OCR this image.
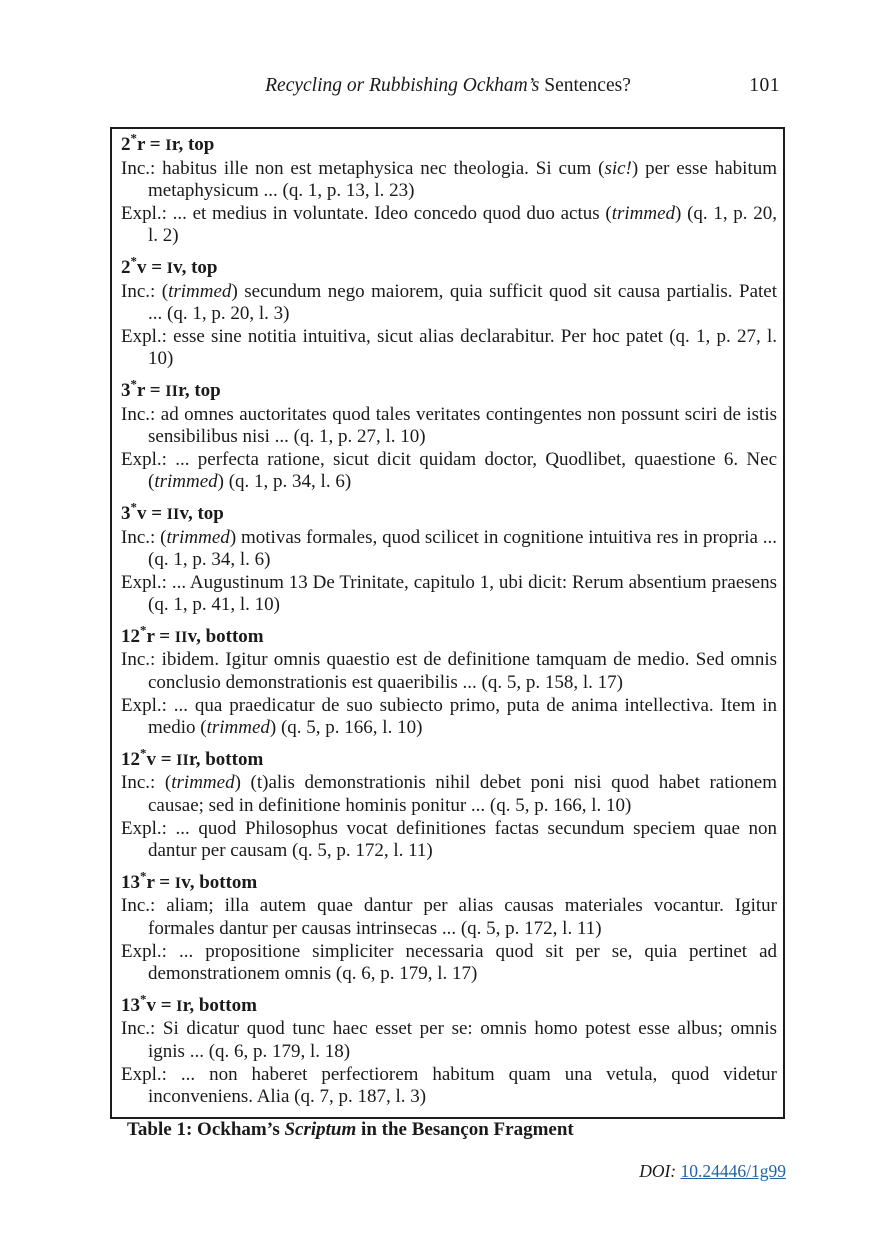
Recycling or Rubbishing Ockham’s Sentences?	101
2*r = Ir, top

Inc.: habitus ille non est metaphysica nec theologia. Si cum (sic!) per esse habitum metaphysicum ... (q. 1, p. 13, l. 23)

Expl.: ... et medius in voluntate. Ideo concedo quod duo actus (trimmed) (q. 1, p. 20, l. 2)

2*v = Iv, top

Inc.: (trimmed) secundum nego maiorem, quia sufficit quod sit causa partialis. Patet ... (q. 1, p. 20, l. 3)

Expl.: esse sine notitia intuitiva, sicut alias declarabitur. Per hoc patet (q. 1, p. 27, l. 10)

3*r = IIr, top

Inc.: ad omnes auctoritates quod tales veritates contingentes non possunt sciri de istis sensibilibus nisi ... (q. 1, p. 27, l. 10)

Expl.: ... perfecta ratione, sicut dicit quidam doctor, Quodlibet, quaestione 6. Nec (trimmed) (q. 1, p. 34, l. 6)

3*v = IIv, top

Inc.: (trimmed) motivas formales, quod scilicet in cognitione intuitiva res in propria ... (q. 1, p. 34, l. 6)

Expl.: ... Augustinum 13 De Trinitate, capitulo 1, ubi dicit: Rerum absentium praesens (q. 1, p. 41, l. 10)

12*r = IIv, bottom

Inc.: ibidem. Igitur omnis quaestio est de definitione tamquam de medio. Sed omnis conclusio demonstrationis est quaeribilis ... (q. 5, p. 158, l. 17)

Expl.: ... qua praedicatur de suo subiecto primo, puta de anima intellectiva. Item in medio (trimmed) (q. 5, p. 166, l. 10)

12*v = IIr, bottom

Inc.: (trimmed) (t)alis demonstrationis nihil debet poni nisi quod habet rationem causae; sed in definitione hominis ponitur ... (q. 5, p. 166, l. 10)

Expl.: ... quod Philosophus vocat definitiones factas secundum speciem quae non dantur per causam (q. 5, p. 172, l. 11)

13*r = Iv, bottom

Inc.: aliam; illa autem quae dantur per alias causas materiales vocantur. Igitur formales dantur per causas intrinsecas ... (q. 5, p. 172, l. 11)

Expl.: ... propositione simpliciter necessaria quod sit per se, quia pertinet ad demonstrationem omnis (q. 6, p. 179, l. 17)

13*v = Ir, bottom

Inc.: Si dicatur quod tunc haec esset per se: omnis homo potest esse albus; omnis ignis ... (q. 6, p. 179, l. 18)

Expl.: ... non haberet perfectiorem habitum quam una vetula, quod videtur inconveniens. Alia (q. 7, p. 187, l. 3)

Table 1: Ockham’s Scriptum in the Besançon Fragment
DOI: 10.24446/1g99
